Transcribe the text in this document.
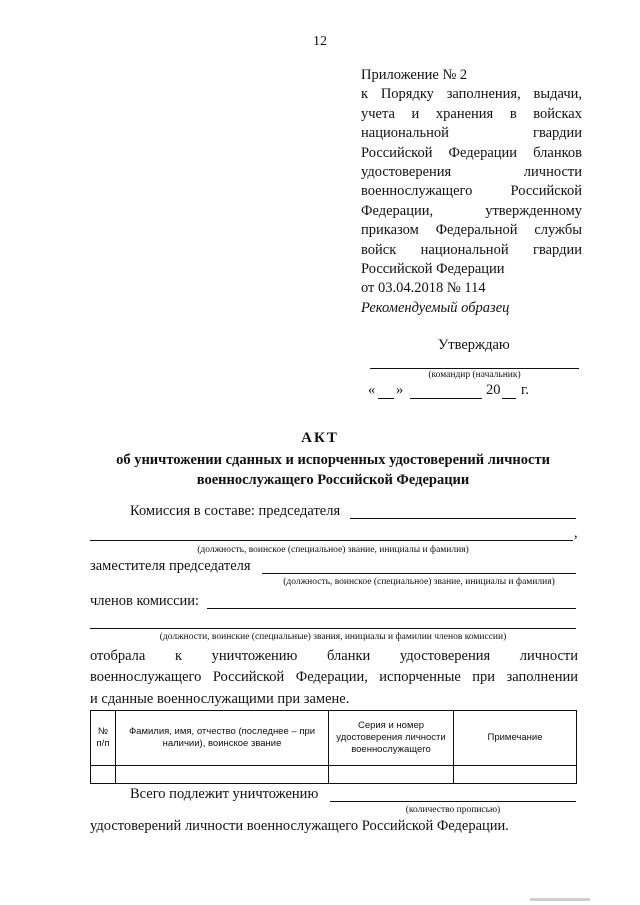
12
Приложение № 2
к Порядку заполнения, выдачи,
учета и хранения в войсках
национальной гвардии
Российской Федерации бланков
удостоверения личности
военнослужащего Российской
Федерации, утвержденному
приказом Федеральной службы
войск национальной гвардии
Российской Федерации
от 03.04.2018 № 114
Рекомендуемый образец
Утверждаю
(командир (начальник)
« »	20 г.
АКТ
об уничтожении сданных и испорченных удостоверений личности
военнослужащего Российской Федерации
Комиссия в составе: председателя
,
(должность, воинское (специальное) звание, инициалы и фамилия)
заместителя председателя
(должность, воинское (специальное) звание, инициалы и фамилия)
членов комиссии:
(должности, воинские (специальные) звания, инициалы и фамилии членов комиссии)
отобрала к уничтожению бланки удостоверения личности
военнослужащего Российской Федерации, испорченные при заполнении
и сданные военнослужащими при замене.
№ п/п	Фамилия, имя, отчество (последнее – при наличии), воинское звание	Серия и номер удостоверения личности военнослужащего	Примечание

Всего подлежит уничтожению
(количество прописью)
удостоверений личности военнослужащего Российской Федерации.
